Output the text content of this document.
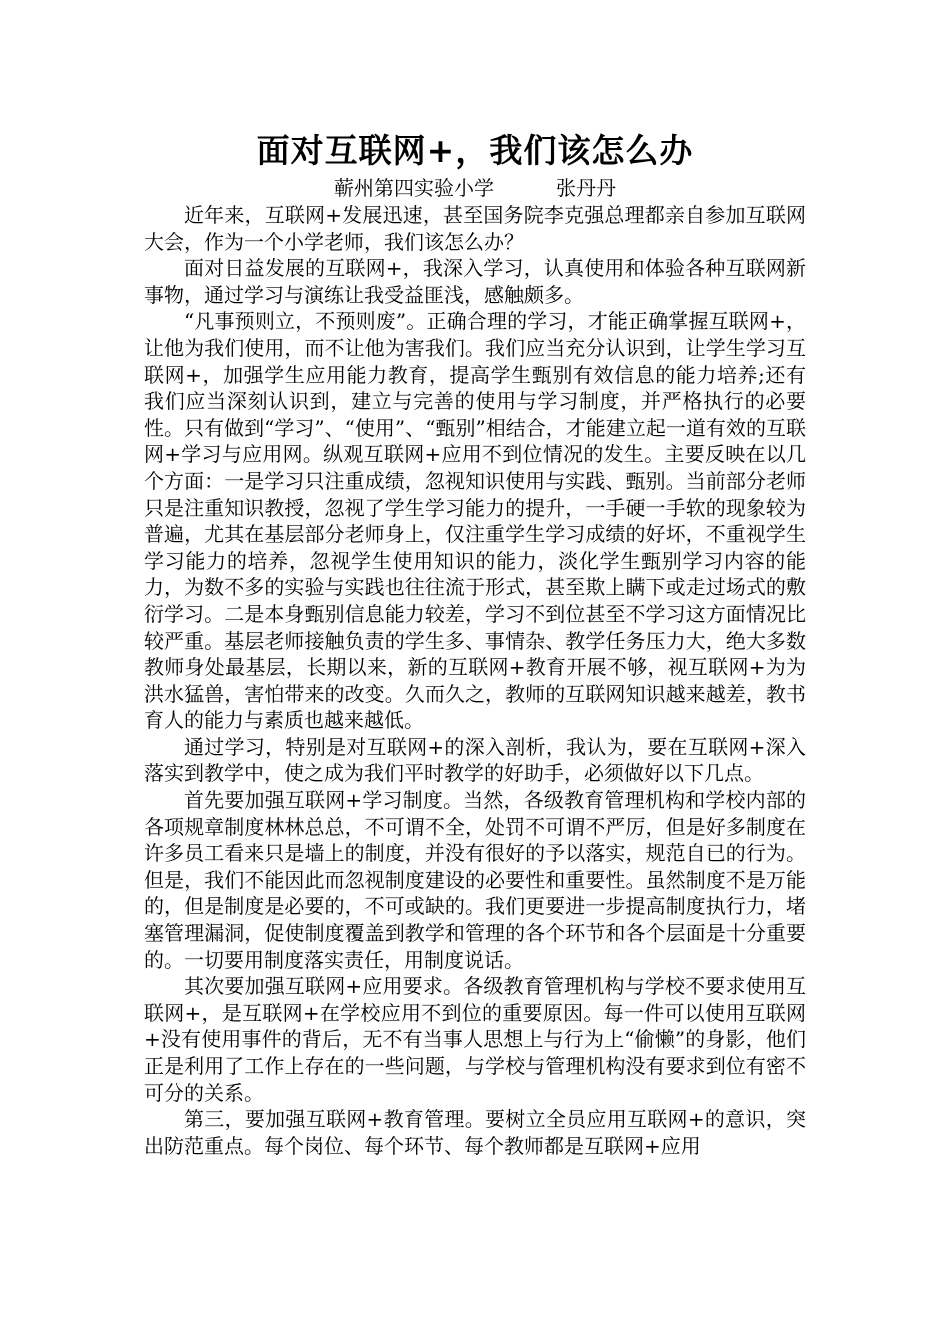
面对互联网+，我们该怎么办
蕲州第四实验小学	张丹丹

近年来，互联网+发展迅速，甚至国务院李克强总理都亲自参加互联网大会，作为一个小学老师，我们该怎么办？

面对日益发展的互联网+，我深入学习，认真使用和体验各种互联网新事物，通过学习与演练让我受益匪浅，感触颇多。

“凡事预则立，不预则废”。正确合理的学习，才能正确掌握互联网+，让他为我们使用，而不让他为害我们。我们应当充分认识到，让学生学习互联网+，加强学生应用能力教育，提高学生甄别有效信息的能力培养;还有我们应当深刻认识到，建立与完善的使用与学习制度，并严格执行的必要性。只有做到“学习”、“使用”、“甄别”相结合，才能建立起一道有效的互联网+学习与应用网。纵观互联网+应用不到位情况的发生。主要反映在以几个方面：一是学习只注重成绩，忽视知识使用与实践、甄别。当前部分老师只是注重知识教授，忽视了学生学习能力的提升，一手硬一手软的现象较为普遍，尤其在基层部分老师身上，仅注重学生学习成绩的好坏，不重视学生学习能力的培养，忽视学生使用知识的能力，淡化学生甄别学习内容的能力，为数不多的实验与实践也往往流于形式，甚至欺上瞒下或走过场式的敷衍学习。二是本身甄别信息能力较差，学习不到位甚至不学习这方面情况比较严重。基层老师接触负责的学生多、事情杂、教学任务压力大，绝大多数教师身处最基层，长期以来，新的互联网+教育开展不够，视互联网+为为洪水猛兽，害怕带来的改变。久而久之，教师的互联网知识越来越差，教书育人的能力与素质也越来越低。

通过学习，特别是对互联网+的深入剖析，我认为，要在互联网+深入落实到教学中，使之成为我们平时教学的好助手，必须做好以下几点。

首先要加强互联网+学习制度。当然，各级教育管理机构和学校内部的各项规章制度林林总总，不可谓不全，处罚不可谓不严厉，但是好多制度在许多员工看来只是墙上的制度，并没有很好的予以落实，规范自已的行为。但是，我们不能因此而忽视制度建设的必要性和重要性。虽然制度不是万能的，但是制度是必要的，不可或缺的。我们更要进一步提高制度执行力，堵塞管理漏洞，促使制度覆盖到教学和管理的各个环节和各个层面是十分重要的。一切要用制度落实责任，用制度说话。

其次要加强互联网+应用要求。各级教育管理机构与学校不要求使用互联网+，是互联网+在学校应用不到位的重要原因。每一件可以使用互联网+没有使用事件的背后，无不有当事人思想上与行为上“偷懒”的身影，他们正是利用了工作上存在的一些问题，与学校与管理机构没有要求到位有密不可分的关系。

第三，要加强互联网+教育管理。要树立全员应用互联网+的意识，突出防范重点。每个岗位、每个环节、每个教师都是互联网+应用
